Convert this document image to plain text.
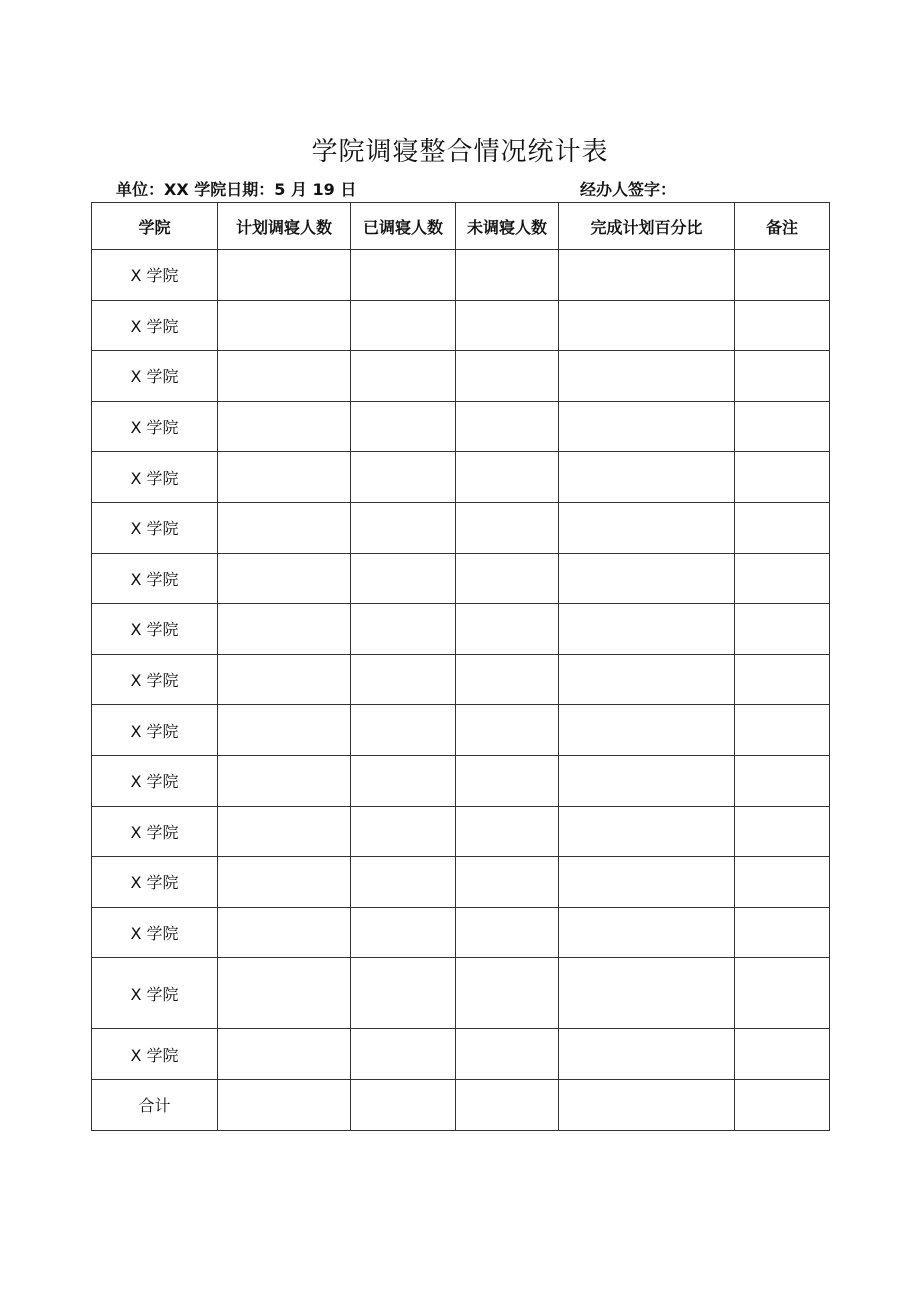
学院调寝整合情况统计表
单位：XX 学院日期：5 月 19 日	经办人签字：
学院	计划调寝人数	已调寝人数	未调寝人数	完成计划百分比	备注
X 学院					
X 学院					
X 学院					
X 学院					
X 学院					
X 学院					
X 学院					
X 学院					
X 学院					
X 学院					
X 学院					
X 学院					
X 学院					
X 学院					
X 学院					
X 学院					
合计					
